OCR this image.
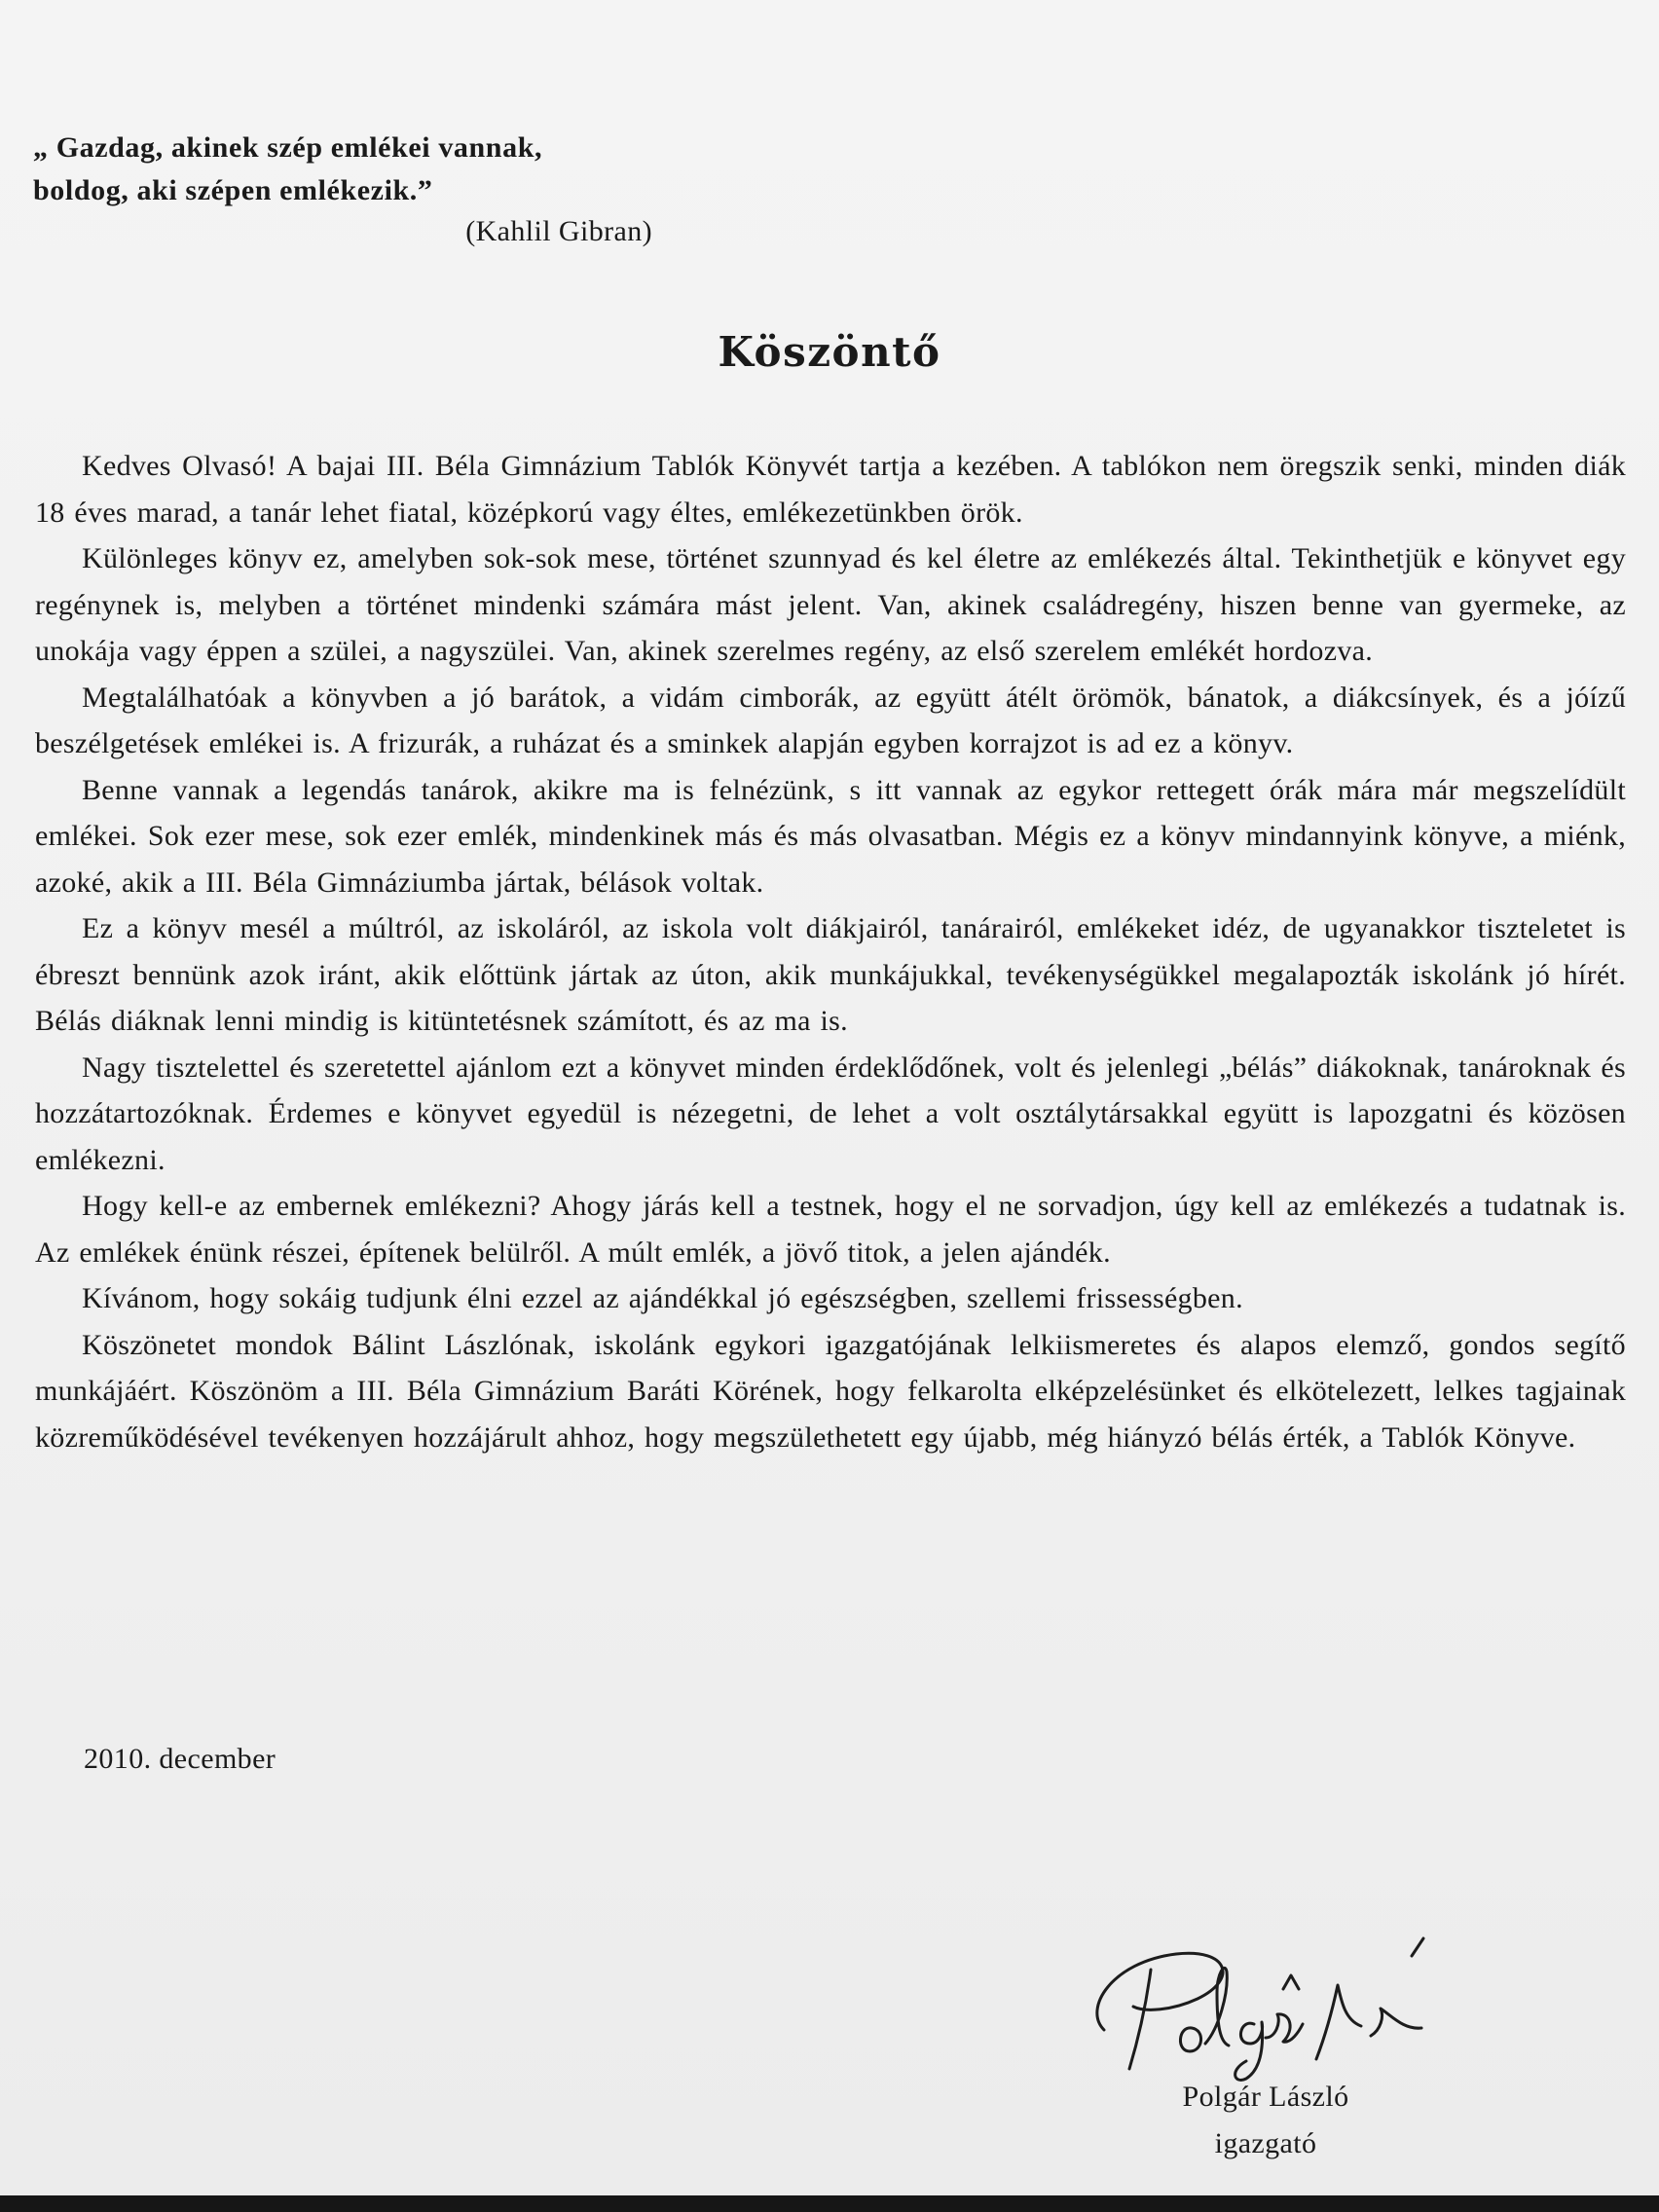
„ Gazdag, akinek szép emlékei vannak,
boldog, aki szépen emlékezik.”
(Kahlil Gibran)
Köszöntő

Kedves Olvasó! A bajai III. Béla Gimnázium Tablók Könyvét tartja a kezében. A tablókon nem öregszik senki, minden diák 18 éves marad, a tanár lehet fiatal, középkorú vagy éltes, emlékezetünkben örök.

Különleges könyv ez, amelyben sok-sok mese, történet szunnyad és kel életre az emlékezés által. Tekinthetjük e könyvet egy regénynek is, melyben a történet mindenki számára mást jelent. Van, akinek családregény, hiszen benne van gyermeke, az unokája vagy éppen a szülei, a nagyszülei. Van, akinek szerelmes regény, az első szerelem emlékét hordozva.

Megtalálhatóak a könyvben a jó barátok, a vidám cimborák, az együtt átélt örömök, bánatok, a diákcsínyek, és a jóízű beszélgetések emlékei is. A frizurák, a ruházat és a sminkek alapján egyben korrajzot is ad ez a könyv.

Benne vannak a legendás tanárok, akikre ma is felnézünk, s itt vannak az egykor rettegett órák mára már megszelídült emlékei. Sok ezer mese, sok ezer emlék, mindenkinek más és más olvasatban. Mégis ez a könyv mindannyink könyve, a miénk, azoké, akik a III. Béla Gimnáziumba jártak, bélások voltak.

Ez a könyv mesél a múltról, az iskoláról, az iskola volt diákjairól, tanárairól, emlékeket idéz, de ugyanakkor tiszteletet is ébreszt bennünk azok iránt, akik előttünk jártak az úton, akik munkájukkal, tevékenységükkel megalapozták iskolánk jó hírét. Bélás diáknak lenni mindig is kitüntetésnek számított, és az ma is.

Nagy tisztelettel és szeretettel ajánlom ezt a könyvet minden érdeklődőnek, volt és jelenlegi „bélás” diákoknak, tanároknak és hozzátartozóknak. Érdemes e könyvet egyedül is nézegetni, de lehet a volt osztálytársakkal együtt is lapozgatni és közösen emlékezni.

Hogy kell-e az embernek emlékezni? Ahogy járás kell a testnek, hogy el ne sorvadjon, úgy kell az emlékezés a tudatnak is. Az emlékek énünk részei, építenek belülről. A múlt emlék, a jövő titok, a jelen ajándék.

Kívánom, hogy sokáig tudjunk élni ezzel az ajándékkal jó egészségben, szellemi frissességben.

Köszönetet mondok Bálint Lászlónak, iskolánk egykori igazgatójának lelkiismeretes és alapos elemző, gondos segítő munkájáért. Köszönöm a III. Béla Gimnázium Baráti Körének, hogy felkarolta elképzelésünket és elkötelezett, lelkes tagjainak közreműködésével tevékenyen hozzájárult ahhoz, hogy megszülethetett egy újabb, még hiányzó bélás érték, a Tablók Könyve.

2010. december
Polgár László
igazgató
